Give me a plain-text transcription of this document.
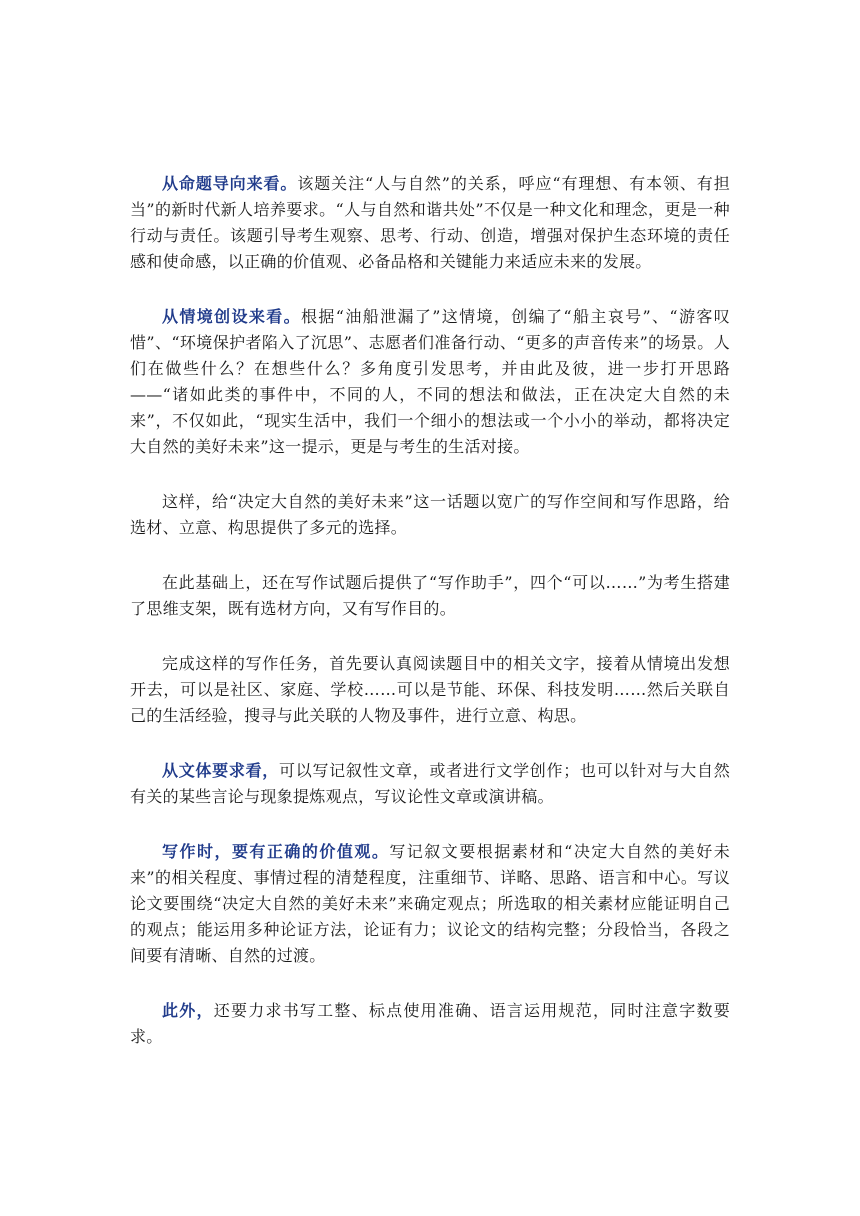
从命题导向来看。该题关注“人与自然”的关系，呼应“有理想、有本领、有担当”的新时代新人培养要求。“人与自然和谐共处”不仅是一种文化和理念，更是一种行动与责任。该题引导考生观察、思考、行动、创造，增强对保护生态环境的责任感和使命感，以正确的价值观、必备品格和关键能力来适应未来的发展。

从情境创设来看。根据“油船泄漏了”这情境，创编了“船主哀号”、“游客叹惜”、“环境保护者陷入了沉思”、志愿者们准备行动、“更多的声音传来”的场景。人们在做些什么？在想些什么？多角度引发思考，并由此及彼，进一步打开思路——“诸如此类的事件中，不同的人，不同的想法和做法，正在决定大自然的未来”，不仅如此，“现实生活中，我们一个细小的想法或一个小小的举动，都将决定大自然的美好未来”这一提示，更是与考生的生活对接。

这样，给“决定大自然的美好未来”这一话题以宽广的写作空间和写作思路，给选材、立意、构思提供了多元的选择。

在此基础上，还在写作试题后提供了“写作助手”，四个“可以……”为考生搭建了思维支架，既有选材方向，又有写作目的。

完成这样的写作任务，首先要认真阅读题目中的相关文字，接着从情境出发想开去，可以是社区、家庭、学校……可以是节能、环保、科技发明……然后关联自己的生活经验，搜寻与此关联的人物及事件，进行立意、构思。

从文体要求看，可以写记叙性文章，或者进行文学创作；也可以针对与大自然有关的某些言论与现象提炼观点，写议论性文章或演讲稿。

写作时，要有正确的价值观。写记叙文要根据素材和“决定大自然的美好未来”的相关程度、事情过程的清楚程度，注重细节、详略、思路、语言和中心。写议论文要围绕“决定大自然的美好未来”来确定观点；所选取的相关素材应能证明自己的观点；能运用多种论证方法，论证有力；议论文的结构完整；分段恰当，各段之间要有清晰、自然的过渡。

此外，还要力求书写工整、标点使用准确、语言运用规范，同时注意字数要求。
